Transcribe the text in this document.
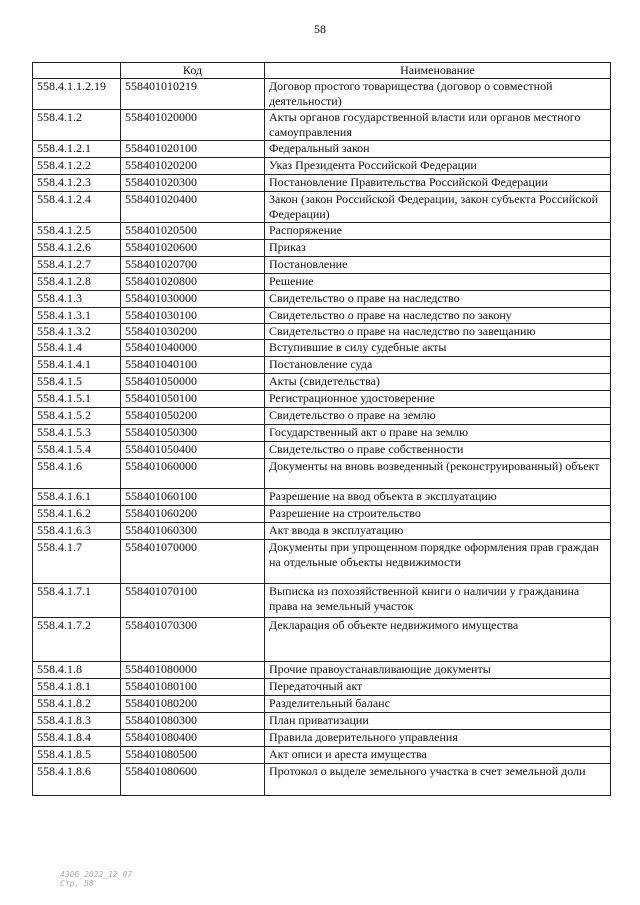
58
	Код	Наименование
558.4.1.1.2.19	558401010219	Договор простого товарищества (договор о совместной деятельности)
558.4.1.2	558401020000	Акты органов государственной власти или органов местного самоуправления
558.4.1.2.1	558401020100	Федеральный закон
558.4.1.2.2	558401020200	Указ Президента Российской Федерации
558.4.1.2.3	558401020300	Постановление Правительства Российской Федерации
558.4.1.2.4	558401020400	Закон (закон Российской Федерации, закон субъекта Российской Федерации)
558.4.1.2.5	558401020500	Распоряжение
558.4.1.2.6	558401020600	Приказ
558.4.1.2.7	558401020700	Постановление
558.4.1.2.8	558401020800	Решение
558.4.1.3	558401030000	Свидетельство о праве на наследство
558.4.1.3.1	558401030100	Свидетельство о праве на наследство по закону
558.4.1.3.2	558401030200	Свидетельство о праве на наследство по завещанию
558.4.1.4	558401040000	Вступившие в силу судебные акты
558.4.1.4.1	558401040100	Постановление суда
558.4.1.5	558401050000	Акты (свидетельства)
558.4.1.5.1	558401050100	Регистрационное удостоверение
558.4.1.5.2	558401050200	Свидетельство о праве на землю
558.4.1.5.3	558401050300	Государственный акт о праве на землю
558.4.1.5.4	558401050400	Свидетельство о праве собственности
558.4.1.6	558401060000	Документы на вновь возведенный (реконструированный) объект
558.4.1.6.1	558401060100	Разрешение на ввод объекта в эксплуатацию
558.4.1.6.2	558401060200	Разрешение на строительство
558.4.1.6.3	558401060300	Акт ввода в эксплуатацию
558.4.1.7	558401070000	Документы при упрощенном порядке оформления прав граждан на отдельные объекты недвижимости
558.4.1.7.1	558401070100	Выписка из похозяйственной книги о наличии у гражданина права на земельный участок
558.4.1.7.2	558401070300	Декларация об объекте недвижимого имущества
558.4.1.8	558401080000	Прочие правоустанавливающие документы
558.4.1.8.1	558401080100	Передаточный акт
558.4.1.8.2	558401080200	Разделительный баланс
558.4.1.8.3	558401080300	План приватизации
558.4.1.8.4	558401080400	Правила доверительного управления
558.4.1.8.5	558401080500	Акт описи и ареста имущества
558.4.1.8.6	558401080600	Протокол о выделе земельного участка в счет земельной доли
4306_2022_12_07
Стр. 58
